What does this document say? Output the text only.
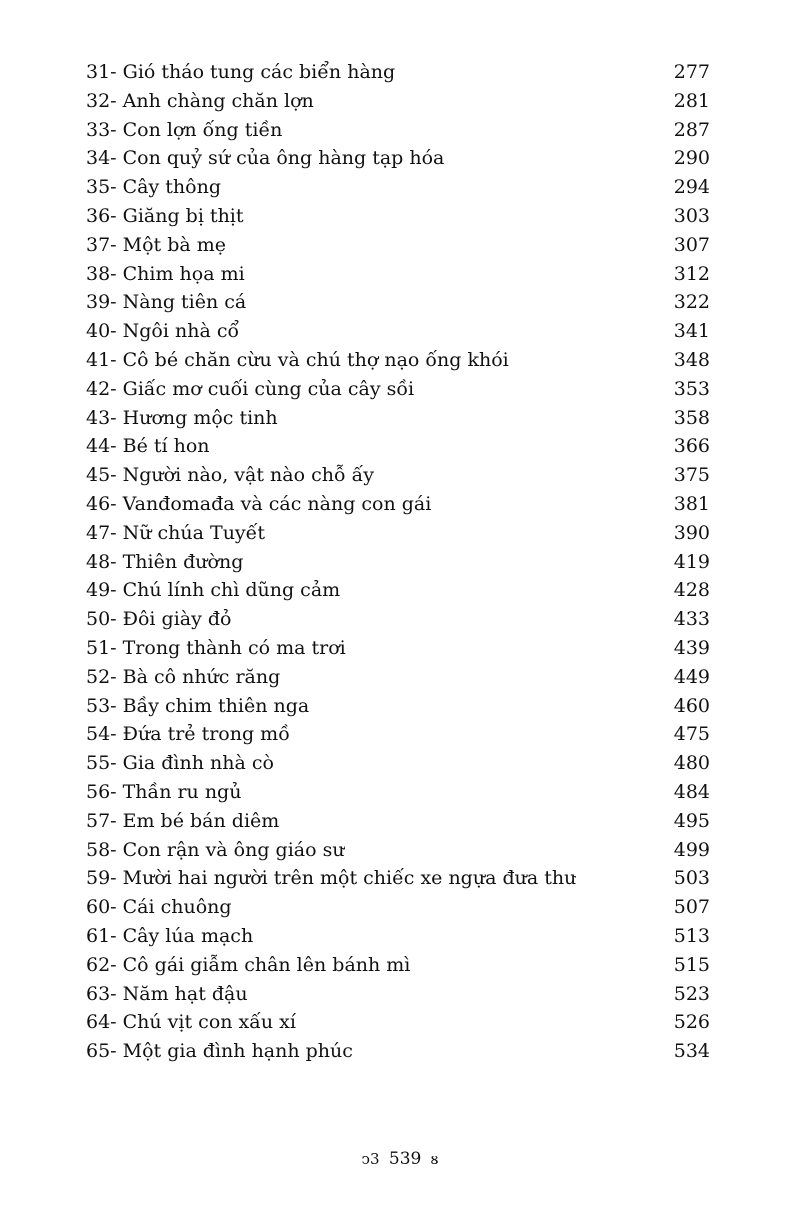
31- Gió tháo tung các biển hàng	277
32- Anh chàng chăn lợn	281
33- Con lợn ống tiền	287
34- Con quỷ sứ của ông hàng tạp hóa	290
35- Cây thông	294
36- Giăng bị thịt	303
37- Một bà mẹ	307
38- Chim họa mi	312
39- Nàng tiên cá	322
40- Ngôi nhà cổ	341
41- Cô bé chăn cừu và chú thợ nạo ống khói	348
42- Giấc mơ cuối cùng của cây sồi	353
43- Hương mộc tinh	358
44- Bé tí hon	366
45- Người nào, vật nào chỗ ấy	375
46- Vanđomađa và các nàng con gái	381
47- Nữ chúa Tuyết	390
48- Thiên đường	419
49- Chú lính chì dũng cảm	428
50- Đôi giày đỏ	433
51- Trong thành có ma trơi	439
52- Bà cô nhức răng	449
53- Bầy chim thiên nga	460
54- Đứa trẻ trong mồ	475
55- Gia đình nhà cò	480
56- Thần ru ngủ	484
57- Em bé bán diêm	495
58- Con rận và ông giáo sư	499
59- Mười hai người trên một chiếc xe ngựa đưa thư	503
60- Cái chuông	507
61- Cây lúa mạch	513
62- Cô gái giẫm chân lên bánh mì	515
63- Năm hạt đậu	523
64- Chú vịt con xấu xí	526
65- Một gia đình hạnh phúc	534
ↄ3 539 ᴕ
